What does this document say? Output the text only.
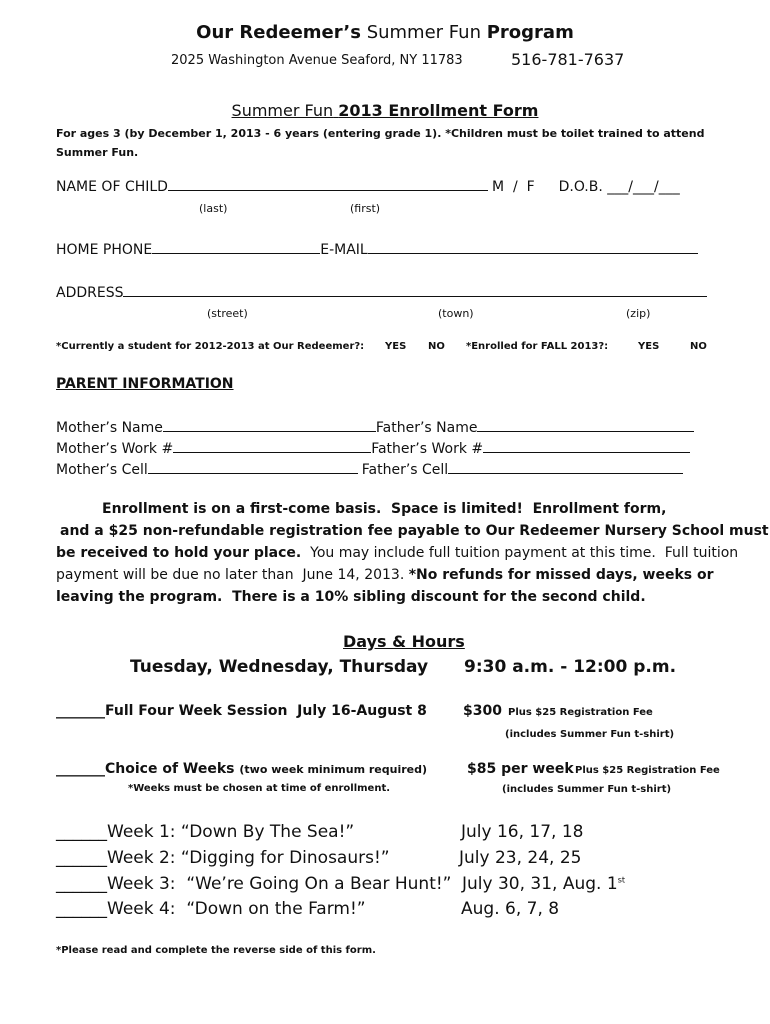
Our Redeemer’s Summer Fun Program
2025 Washington Avenue Seaford, NY 11783	516-781-7637
Summer Fun 2013 Enrollment Form
For ages 3 (by December 1, 2013 - 6 years (entering grade 1). *Children must be toilet trained to attend Summer Fun.
NAME OF CHILD	M  /  F D.O.B. ___/___/___
(last)	(first)
HOME PHONE	E-MAIL
ADDRESS
(street)	(town)	(zip)
*Currently a student for 2012-2013 at Our Redeemer?: YES NO *Enrolled for FALL 2013?:	YES	NO
PARENT INFORMATION
Mother’s Name	Father’s Name
Mother’s Work #	Father’s Work #
Mother’s Cell	Father’s Cell
Enrollment is on a first-come basis.  Space is limited!  Enrollment form,
and a $25 non-refundable registration fee payable to Our Redeemer Nursery School must
be received to hold your place.  You may include full tuition payment at this time.  Full tuition
payment will be due no later than  June 14, 2013. *No refunds for missed days, weeks or
leaving the program.  There is a 10% sibling discount for the second child.
Days & Hours
Tuesday, Wednesday, Thursday 9:30 a.m. - 12:00 p.m.
_______Full Four Week Session  July 16-August 8	$300 Plus $25 Registration Fee
(includes Summer Fun t-shirt)
_______Choice of Weeks (two week minimum required)	$85 per week Plus $25 Registration Fee
*Weeks must be chosen at time of enrollment.	(includes Summer Fun t-shirt)
______Week 1: “Down By The Sea!”	July 16, 17, 18
______Week 2: “Digging for Dinosaurs!”	July 23, 24, 25
______Week 3:  “We’re Going On a Bear Hunt!” July 30, 31, Aug. 1st
______Week 4:  “Down on the Farm!”	Aug. 6, 7, 8
*Please read and complete the reverse side of this form.
